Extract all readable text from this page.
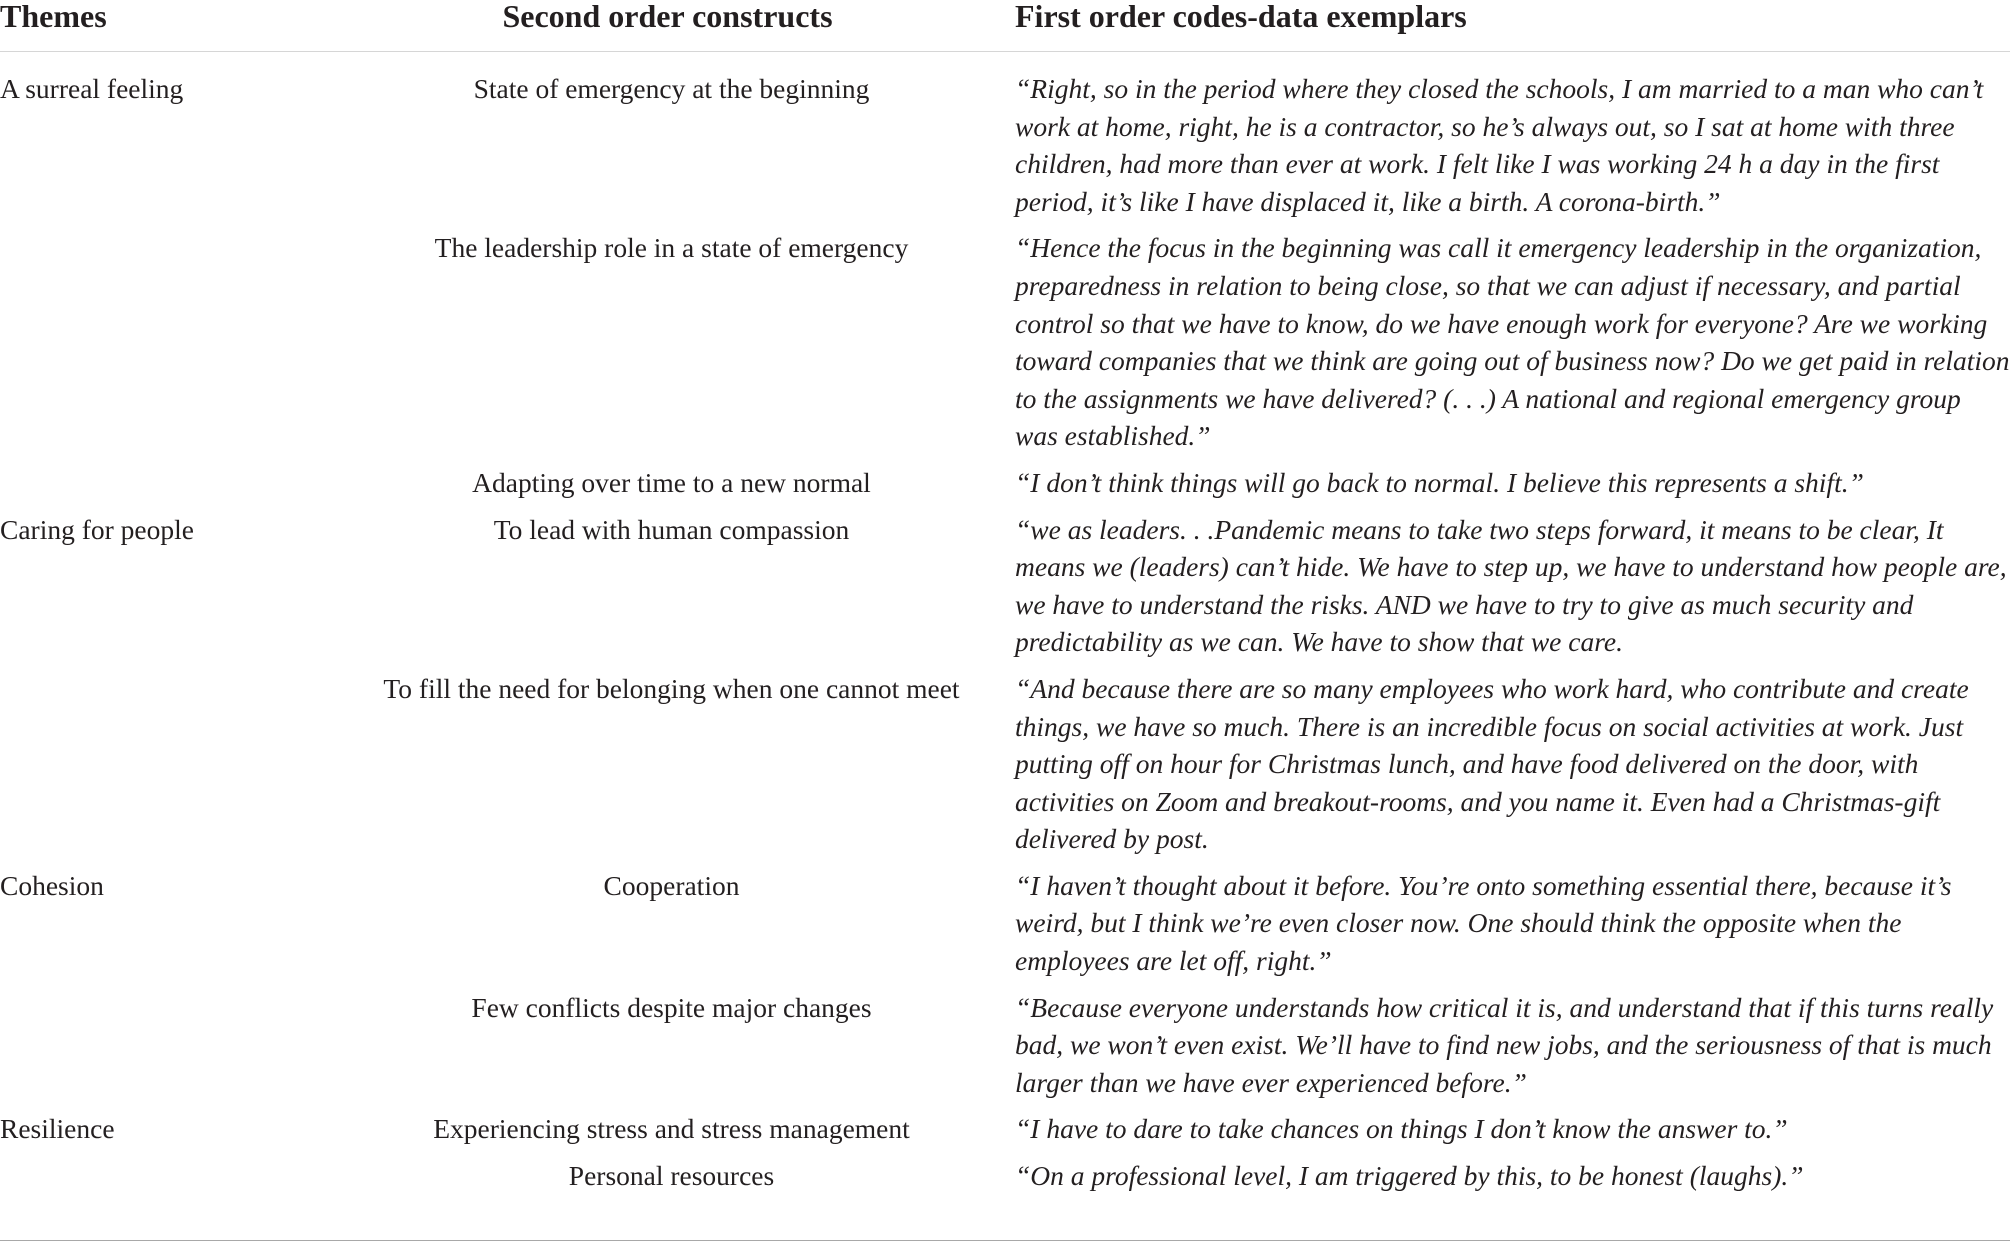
Themes	Second order constructs	First order codes-data exemplars
A surreal feeling	State of emergency at the beginning	“Right, so in the period where they closed the schools, I am married to a man who can’t work at home, right, he is a contractor, so he’s always out, so I sat at home with three children, had more than ever at work. I felt like I was working 24 h a day in the first period, it’s like I have displaced it, like a birth. A corona-birth.”
	The leadership role in a state of emergency	“Hence the focus in the beginning was call it emergency leadership in the organization, preparedness in relation to being close, so that we can adjust if necessary, and partial control so that we have to know, do we have enough work for everyone? Are we working toward companies that we think are going out of business now? Do we get paid in relation to the assignments we have delivered? (. . .) A national and regional emergency group was established.”
	Adapting over time to a new normal	“I don’t think things will go back to normal. I believe this represents a shift.”
Caring for people	To lead with human compassion	“we as leaders. . .Pandemic means to take two steps forward, it means to be clear, It means we (leaders) can’t hide. We have to step up, we have to understand how people are, we have to understand the risks. AND we have to try to give as much security and predictability as we can. We have to show that we care.
	To fill the need for belonging when one cannot meet	“And because there are so many employees who work hard, who contribute and create things, we have so much. There is an incredible focus on social activities at work. Just putting off on hour for Christmas lunch, and have food delivered on the door, with activities on Zoom and breakout-rooms, and you name it. Even had a Christmas-gift delivered by post.
Cohesion	Cooperation	“I haven’t thought about it before. You’re onto something essential there, because it’s weird, but I think we’re even closer now. One should think the opposite when the employees are let off, right.”
	Few conflicts despite major changes	“Because everyone understands how critical it is, and understand that if this turns really bad, we won’t even exist. We’ll have to find new jobs, and the seriousness of that is much larger than we have ever experienced before.”
Resilience	Experiencing stress and stress management	“I have to dare to take chances on things I don’t know the answer to.”
	Personal resources	“On a professional level, I am triggered by this, to be honest (laughs).”
